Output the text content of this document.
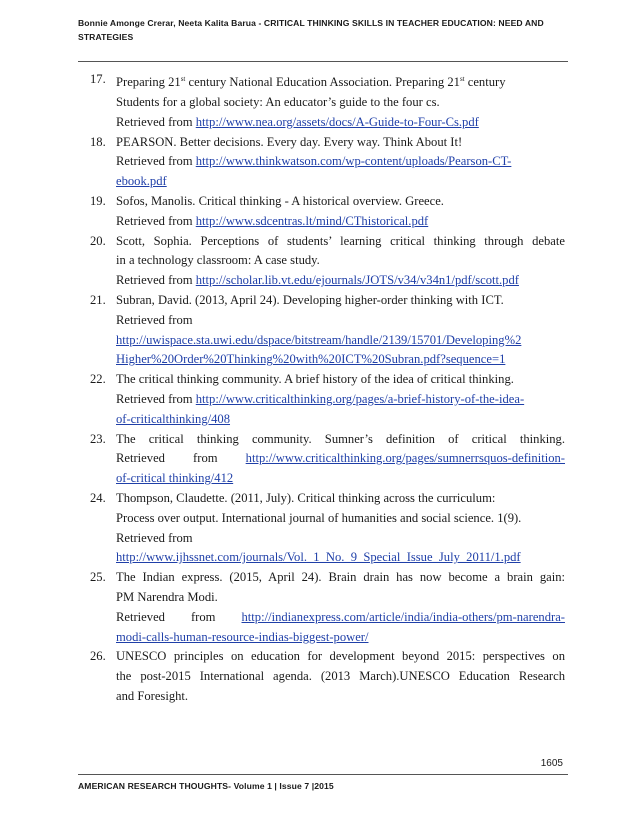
Bonnie Amonge Crerar, Neeta Kalita Barua - CRITICAL THINKING SKILLS IN TEACHER EDUCATION: NEED AND STRATEGIES
17. Preparing 21st century National Education Association. Preparing 21st century
Students for a global society: An educator’s guide to the four cs.
Retrieved from http://www.nea.org/assets/docs/A-Guide-to-Four-Cs.pdf
18. PEARSON. Better decisions. Every day. Every way. Think About It!
Retrieved from http://www.thinkwatson.com/wp-content/uploads/Pearson-CT-
ebook.pdf
19. Sofos, Manolis. Critical thinking - A historical overview. Greece.
Retrieved from http://www.sdcentras.lt/mind/CThistorical.pdf
20. Scott, Sophia. Perceptions of students’ learning critical thinking through debate
in a technology classroom: A case study.
Retrieved from http://scholar.lib.vt.edu/ejournals/JOTS/v34/v34n1/pdf/scott.pdf
21. Subran, David. (2013, April 24). Developing higher-order thinking with ICT.
Retrieved from
http://uwispace.sta.uwi.edu/dspace/bitstream/handle/2139/15701/Developing%2
Higher%20Order%20Thinking%20with%20ICT%20Subran.pdf?sequence=1
22. The critical thinking community. A brief history of the idea of critical thinking.
Retrieved from http://www.criticalthinking.org/pages/a-brief-history-of-the-idea-
of-criticalthinking/408
23. The critical thinking community. Sumner’s definition of critical thinking.
Retrieved from http://www.criticalthinking.org/pages/sumnerrsquos-definition-
of-critical thinking/412
24. Thompson, Claudette. (2011, July). Critical thinking across the curriculum:
Process over output. International journal of humanities and social science. 1(9).
Retrieved from
http://www.ijhssnet.com/journals/Vol._1_No._9_Special_Issue_July_2011/1.pdf
25. The Indian express. (2015, April 24). Brain drain has now become a brain gain:
PM Narendra Modi.
Retrieved from http://indianexpress.com/article/india/india-others/pm-narendra-
modi-calls-human-resource-indias-biggest-power/
26. UNESCO principles on education for development beyond 2015: perspectives on
the post-2015 International agenda. (2013 March).UNESCO Education Research
and Foresight.
1605
AMERICAN RESEARCH THOUGHTS- Volume 1 | Issue 7 |2015
